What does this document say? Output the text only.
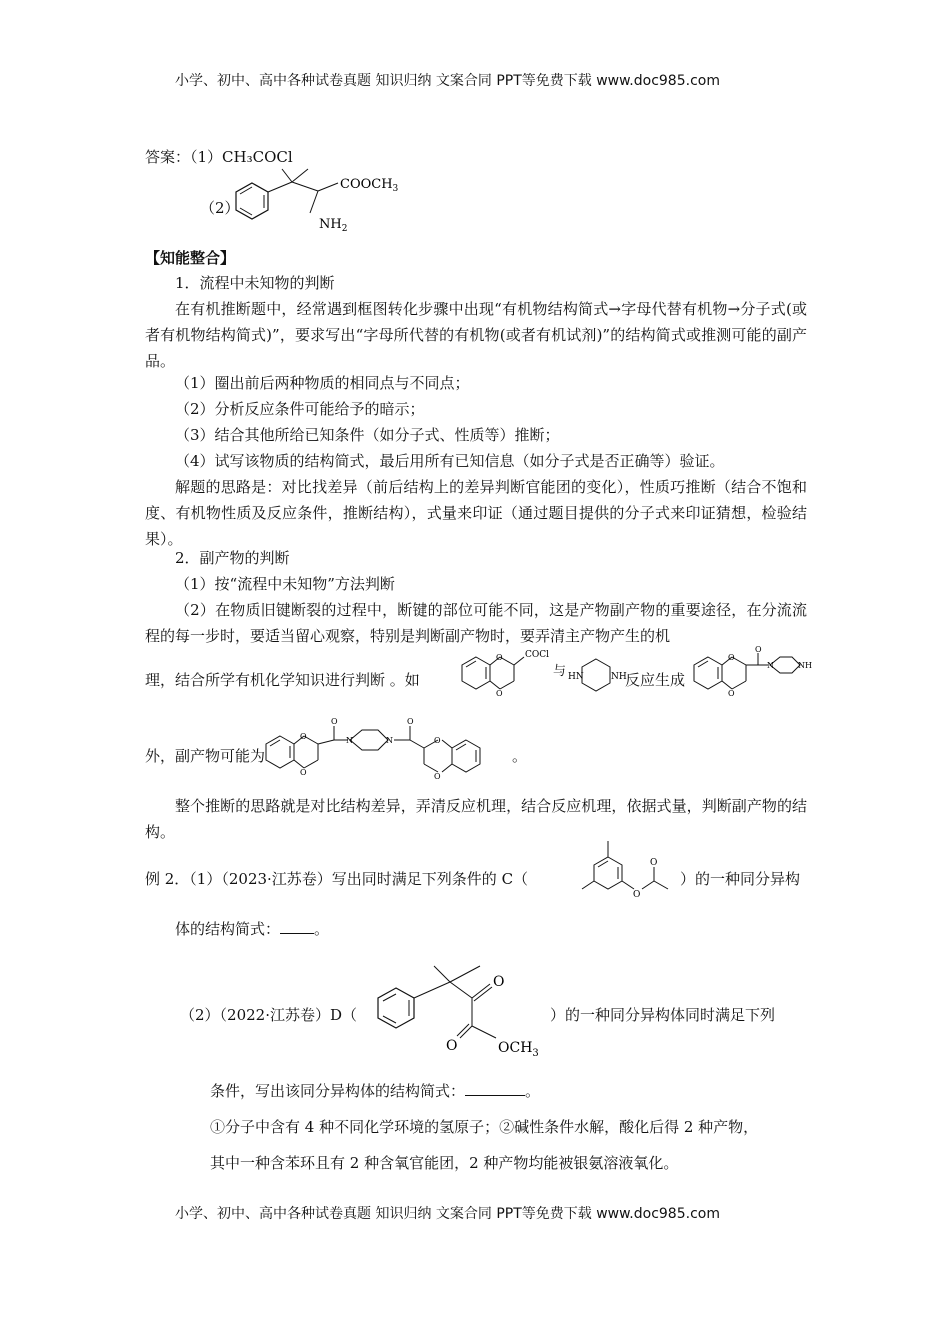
小学、初中、高中各种试卷真题 知识归纳 文案合同 PPT等免费下载 www.doc985.com
答案：（1）CH₃COCl
（2）
$COOCH_3$
$NH_2$
【知能整合】
1．流程中未知物的判断
在有机推断题中，经常遇到框图转化步骤中出现“有机物结构简式→字母代替有机物→分子式(或者有机物结构简式)”，要求写出“字母所代替的有机物(或者有机试剂)”的结构简式或推测可能的副产品。
（1）圈出前后两种物质的相同点与不同点；
（2）分析反应条件可能给予的暗示；
（3）结合其他所给已知条件（如分子式、性质等）推断；
（4）试写该物质的结构简式，最后用所有已知信息（如分子式是否正确等）验证。
解题的思路是：对比找差异（前后结构上的差异判断官能团的变化），性质巧推断（结合不饱和度、有机物性质及反应条件，推断结构），式量来印证（通过题目提供的分子式来印证猜想，检验结果）。
2．副产物的判断
（1）按“流程中未知物”方法判断
（2）在物质旧键断裂的过程中，断键的部位可能不同，这是产物副产物的重要途径，在分流流程的每一步时，要适当留心观察，特别是判断副产物时，要弄清主产物产生的机
理，结合所学有机化学知识进行判断 。如
O
O
COCl
与 HN	NH
反应生成
O
O
O
N	NH
外，副产物可能为
O
O
O
N	N
O
O
O
。
整个推断的思路就是对比结构差异，弄清反应机理，结合反应机理，依据式量，判断副产物的结构。
例 2．（1）（2023·江苏卷）写出同时满足下列条件的 C（
O
O
）的一种同分异构
体的结构简式： 。
（2）（2022·江苏卷）D（
O
O	$OCH_3$
）的一种同分异构体同时满足下列
条件，写出该同分异构体的结构简式：	。
①分子中含有 4 种不同化学环境的氢原子；②碱性条件水解，酸化后得 2 种产物，
其中一种含苯环且有 2 种含氧官能团，2 种产物均能被银氨溶液氧化。
小学、初中、高中各种试卷真题 知识归纳 文案合同 PPT等免费下载 www.doc985.com
